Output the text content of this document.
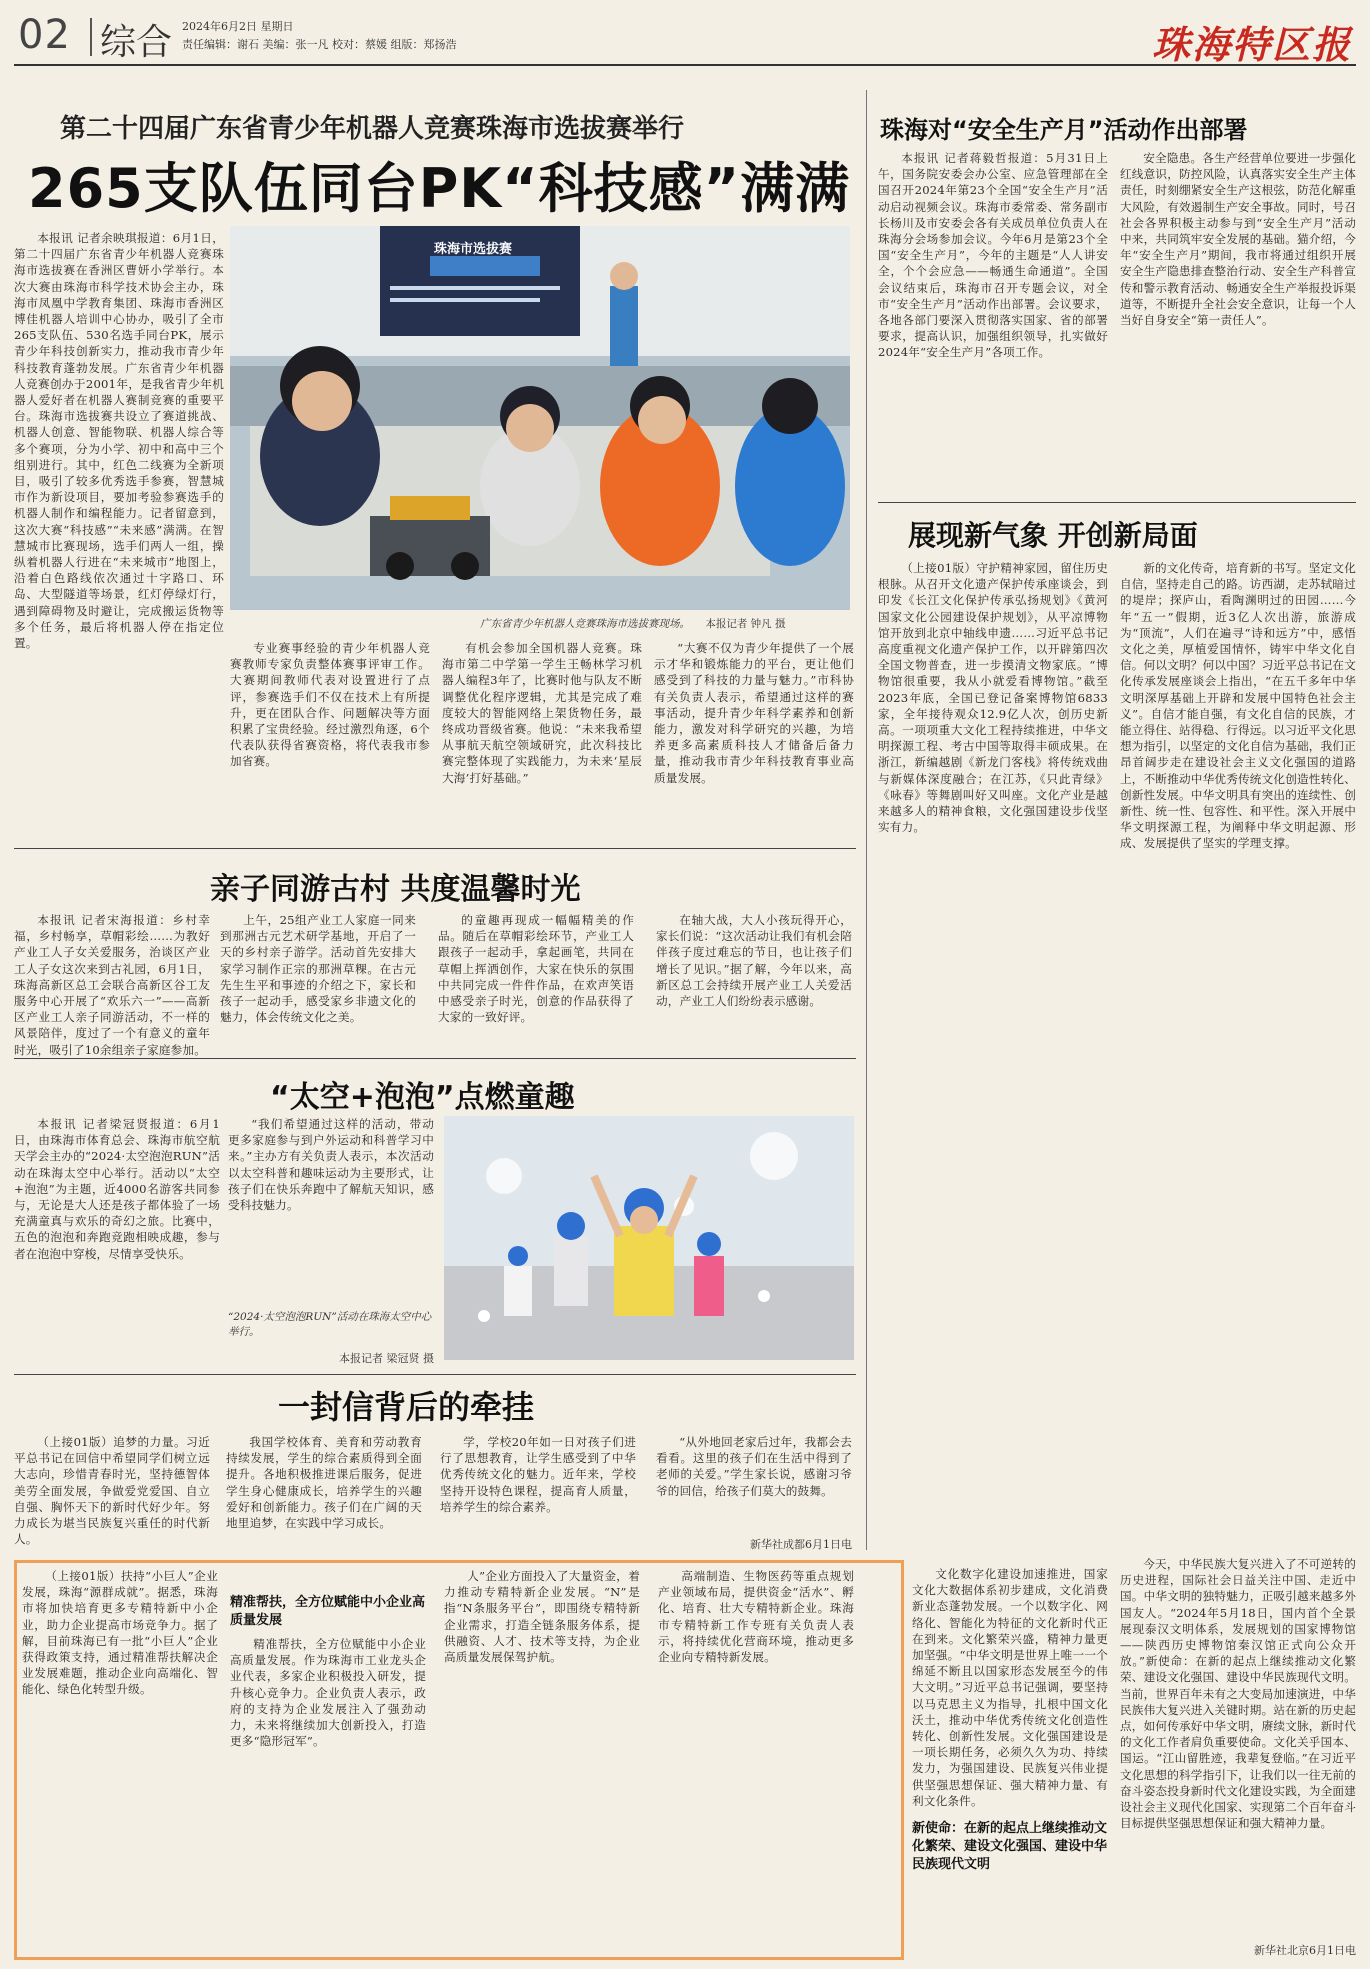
02 综合 2024年6月2日 星期日
责任编辑：谢石 美编：张一凡 校对：蔡媛 组版：郑扬浩	珠海特区报
第二十四届广东省青少年机器人竞赛珠海市选拔赛举行
265支队伍同台PK“科技感”满满

本报讯 记者余映琪报道：6月1日，第二十四届广东省青少年机器人竞赛珠海市选拔赛在香洲区曹妍小学举行。本次大赛由珠海市科学技术协会主办，珠海市凤凰中学教育集团、珠海市香洲区博佳机器人培训中心协办，吸引了全市265支队伍、530名选手同台PK，展示青少年科技创新实力，推动我市青少年科技教育蓬勃发展。广东省青少年机器人竞赛创办于2001年，是我省青少年机器人爱好者在机器人赛制竞赛的重要平台。珠海市选拔赛共设立了赛道挑战、机器人创意、智能物联、机器人综合等多个赛项，分为小学、初中和高中三个组别进行。其中，红色二线赛为全新项目，吸引了较多优秀选手参赛，智慧城市作为新设项目，要加考验参赛选手的机器人制作和编程能力。记者留意到，这次大赛“科技感”“未来感”满满。在智慧城市比赛现场，选手们两人一组，操纵着机器人行进在“未来城市”地图上，沿着白色路线依次通过十字路口、环岛、大型隧道等场景，红灯停绿灯行，遇到障碍物及时避让，完成搬运货物等多个任务，最后将机器人停在指定位置。

珠海市选拔赛
广东省青少年机器人竞赛珠海市选拔赛现场。 本报记者 钟凡 摄

专业赛事经验的青少年机器人竞赛教师专家负责整体赛事评审工作。大赛期间教师代表对设置进行了点评，参赛选手们不仅在技术上有所提升，更在团队合作、问题解决等方面积累了宝贵经验。经过激烈角逐，6个代表队获得省赛资格，将代表我市参加省赛。

有机会参加全国机器人竞赛。珠海市第二中学第一学生王畅林学习机器人编程3年了，比赛时他与队友不断调整优化程序逻辑，尤其是完成了难度较大的智能网络上架货物任务，最终成功晋级省赛。他说：“未来我希望从事航天航空领域研究，此次科技比赛完整体现了实践能力，为未来‘星辰大海’打好基础。”

“大赛不仅为青少年提供了一个展示才华和锻炼能力的平台，更让他们感受到了科技的力量与魅力。”市科协有关负责人表示，希望通过这样的赛事活动，提升青少年科学素养和创新能力，激发对科学研究的兴趣，为培养更多高素质科技人才储备后备力量，推动我市青少年科技教育事业高质量发展。

亲子同游古村 共度温馨时光

本报讯 记者宋海报道：乡村幸福，乡村畅享，草帽彩绘……为教好产业工人子女关爱服务，治谈区产业工人子女这次来到古礼园，6月1日，珠海高新区总工会联合高新区谷工友服务中心开展了“欢乐六一”——高新区产业工人亲子同游活动，不一样的风景陪伴，度过了一个有意义的童年时光，吸引了10余组亲子家庭参加。

上午，25组产业工人家庭一同来到那洲古元艺术研学基地，开启了一天的乡村亲子游学。活动首先安排大家学习制作正宗的那洲草粿。在古元先生生平和事迹的介绍之下，家长和孩子一起动手，感受家乡非遗文化的魅力，体会传统文化之美。

的童趣再现成一幅幅精美的作品。随后在草帽彩绘环节，产业工人跟孩子一起动手，拿起画笔，共同在草帽上挥洒创作，大家在快乐的氛围中共同完成一件件作品，在欢声笑语中感受亲子时光，创意的作品获得了大家的一致好评。

在轴大战，大人小孩玩得开心，家长们说：“这次活动让我们有机会陪伴孩子度过难忘的节日，也让孩子们增长了见识。”据了解，今年以来，高新区总工会持续开展产业工人关爱活动，产业工人们纷纷表示感谢。

“太空+泡泡”点燃童趣

本报讯 记者梁冠贤报道：6月1日，由珠海市体育总会、珠海市航空航天学会主办的“2024·太空泡泡RUN”活动在珠海太空中心举行。活动以“太空+泡泡”为主题，近4000名游客共同参与，无论是大人还是孩子都体验了一场充满童真与欢乐的奇幻之旅。比赛中，五色的泡泡和奔跑竞跑相映成趣，参与者在泡泡中穿梭，尽情享受快乐。

“我们希望通过这样的活动，带动更多家庭参与到户外运动和科普学习中来。”主办方有关负责人表示，本次活动以太空科普和趣味运动为主要形式，让孩子们在快乐奔跑中了解航天知识，感受科技魅力。

“2024·太空泡泡RUN”活动在珠海太空中心举行。
本报记者 梁冠贤 摄
一封信背后的牵挂

（上接01版）追梦的力量。习近平总书记在回信中希望同学们树立远大志向，珍惜青春时光，坚持德智体美劳全面发展，争做爱党爱国、自立自强、胸怀天下的新时代好少年。努力成长为堪当民族复兴重任的时代新人。

我国学校体育、美育和劳动教育持续发展，学生的综合素质得到全面提升。各地积极推进课后服务，促进学生身心健康成长，培养学生的兴趣爱好和创新能力。孩子们在广阔的天地里追梦，在实践中学习成长。

学，学校20年如一日对孩子们进行了思想教育，让学生感受到了中华优秀传统文化的魅力。近年来，学校坚持开设特色课程，提高育人质量，培养学生的综合素养。

“从外地回老家后过年，我都会去看看。这里的孩子们在生活中得到了老师的关爱。”学生家长说，感谢习爷爷的回信，给孩子们莫大的鼓舞。

新华社成都6月1日电

（上接01版）扶持“小巨人”企业发展，珠海“源群成就”。据悉，珠海市将加快培育更多专精特新中小企业，助力企业提高市场竞争力。据了解，目前珠海已有一批“小巨人”企业获得政策支持，通过精准帮扶解决企业发展难题，推动企业向高端化、智能化、绿色化转型升级。

精准帮扶，全方位赋能中小企业高质量发展

精准帮扶，全方位赋能中小企业高质量发展。作为珠海市工业龙头企业代表，多家企业积极投入研发，提升核心竞争力。企业负责人表示，政府的支持为企业发展注入了强劲动力，未来将继续加大创新投入，打造更多“隐形冠军”。

人”企业方面投入了大量资金，着力推动专精特新企业发展。“N”是指“N条服务平台”，即围绕专精特新企业需求，打造全链条服务体系，提供融资、人才、技术等支持，为企业高质量发展保驾护航。

高端制造、生物医药等重点规划产业领域布局，提供资金“活水”、孵化、培育、壮大专精特新企业。珠海市专精特新工作专班有关负责人表示，将持续优化营商环境，推动更多企业向专精特新发展。

珠海对“安全生产月”活动作出部署

本报讯 记者蒋毅哲报道：5月31日上午，国务院安委会办公室、应急管理部在全国召开2024年第23个全国“安全生产月”活动启动视频会议。珠海市委常委、常务副市长杨川及市安委会各有关成员单位负责人在珠海分会场参加会议。今年6月是第23个全国“安全生产月”，今年的主题是“人人讲安全，个个会应急——畅通生命通道”。全国会议结束后，珠海市召开专题会议，对全市“安全生产月”活动作出部署。会议要求，各地各部门要深入贯彻落实国家、省的部署要求，提高认识，加强组织领导，扎实做好2024年“安全生产月”各项工作。

安全隐患。各生产经营单位要进一步强化红线意识，防控风险，认真落实安全生产主体责任，时刻绷紧安全生产这根弦，防范化解重大风险，有效遏制生产安全事故。同时，号召社会各界积极主动参与到“安全生产月”活动中来，共同筑牢安全发展的基础。猫介绍，今年“安全生产月”期间，我市将通过组织开展安全生产隐患排查整治行动、安全生产科普宣传和警示教育活动、畅通安全生产举报投诉渠道等，不断提升全社会安全意识，让每一个人当好自身安全“第一责任人”。

展现新气象 开创新局面

（上接01版）守护精神家园，留住历史根脉。从召开文化遗产保护传承座谈会，到印发《长江文化保护传承弘扬规划》《黄河国家文化公园建设保护规划》，从平凉博物馆开放到北京中轴线申遗……习近平总书记高度重视文化遗产保护工作，以开辟第四次全国文物普查，进一步摸清文物家底。“博物馆很重要，我从小就爱看博物馆。”截至2023年底，全国已登记备案博物馆6833家，全年接待观众12.9亿人次，创历史新高。一项项重大文化工程持续推进，中华文明探源工程、考古中国等取得丰硕成果。在浙江，新编越剧《新龙门客栈》将传统戏曲与新媒体深度融合；在江苏，《只此青绿》《咏春》等舞剧叫好又叫座。文化产业是越来越多人的精神食粮，文化强国建设步伐坚实有力。

新的文化传奇，培育新的书写。坚定文化自信，坚持走自己的路。访西湖，走苏轼暗过的堤岸；探庐山，看陶渊明过的田园……今年“五一”假期，近3亿人次出游，旅游成为“顶流”，人们在遍寻“诗和远方”中，感悟文化之美，厚植爱国情怀，铸牢中华文化自信。何以文明？何以中国？习近平总书记在文化传承发展座谈会上指出，“在五千多年中华文明深厚基础上开辟和发展中国特色社会主义”。自信才能自强，有文化自信的民族，才能立得住、站得稳、行得远。以习近平文化思想为指引，以坚定的文化自信为基础，我们正昂首阔步走在建设社会主义文化强国的道路上，不断推动中华优秀传统文化创造性转化、创新性发展。中华文明具有突出的连续性、创新性、统一性、包容性、和平性。深入开展中华文明探源工程，为阐释中华文明起源、形成、发展提供了坚实的学理支撑。

文化数字化建设加速推进，国家文化大数据体系初步建成，文化消费新业态蓬勃发展。一个以数字化、网络化、智能化为特征的文化新时代正在到来。文化繁荣兴盛，精神力量更加坚强。“中华文明是世界上唯一一个绵延不断且以国家形态发展至今的伟大文明。”习近平总书记强调，要坚持以马克思主义为指导，扎根中国文化沃土，推动中华优秀传统文化创造性转化、创新性发展。文化强国建设是一项长期任务，必须久久为功、持续发力，为强国建设、民族复兴伟业提供坚强思想保证、强大精神力量、有利文化条件。

新使命：在新的起点上继续推动文化繁荣、建设文化强国、建设中华民族现代文明

今天，中华民族大复兴进入了不可逆转的历史进程，国际社会日益关注中国、走近中国。中华文明的独特魅力，正吸引越来越多外国友人。“2024年5月18日，国内首个全景展现泰汉文明体系，发展规划的国家博物馆——陕西历史博物馆秦汉馆正式向公众开放。”新使命：在新的起点上继续推动文化繁荣、建设文化强国、建设中华民族现代文明。当前，世界百年未有之大变局加速演进，中华民族伟大复兴进入关键时期。站在新的历史起点，如何传承好中华文明，赓续文脉，新时代的文化工作者肩负重要使命。文化关乎国本、国运。“江山留胜迹，我辈复登临。”在习近平文化思想的科学指引下，让我们以一往无前的奋斗姿态投身新时代文化建设实践，为全面建设社会主义现代化国家、实现第二个百年奋斗目标提供坚强思想保证和强大精神力量。

新华社北京6月1日电
